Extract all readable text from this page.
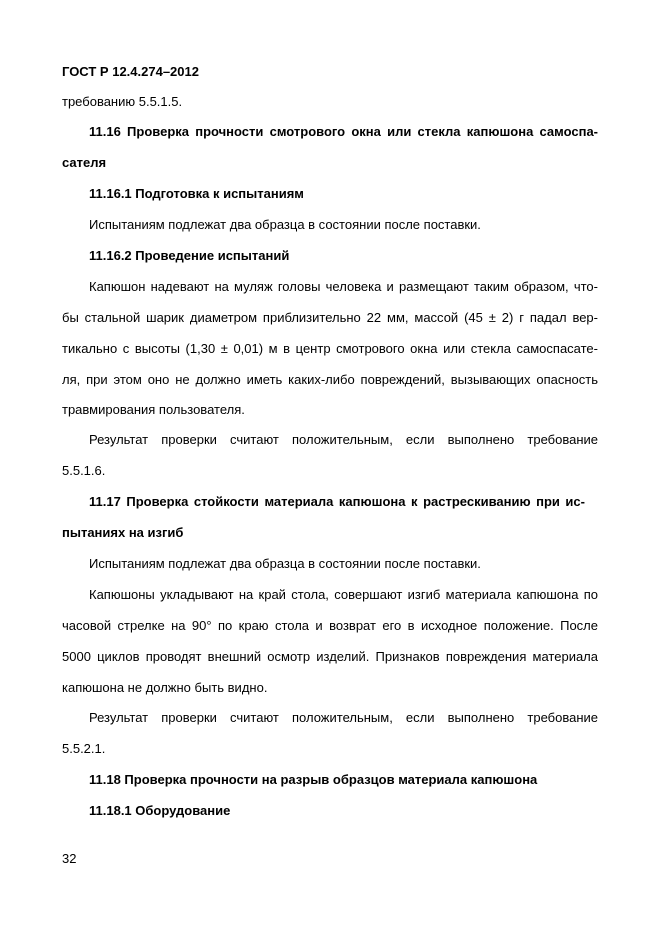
ГОСТ Р 12.4.274–2012
требованию 5.5.1.5.
11.16 Проверка прочности смотрового окна или стекла капюшона самоспа-
сателя
11.16.1 Подготовка к испытаниям
Испытаниям подлежат два образца в состоянии после поставки.
11.16.2 Проведение испытаний
Капюшон надевают на муляж головы человека и размещают таким образом, что-
бы стальной шарик диаметром приблизительно 22 мм, массой (45 ± 2) г падал вер-
тикально с высоты (1,30 ± 0,01) м в центр смотрового окна или стекла самоспасате-
ля, при этом оно не должно иметь каких-либо повреждений, вызывающих опасность
травмирования пользователя.
Результат проверки считают положительным, если выполнено требование
5.5.1.6.
11.17 Проверка стойкости материала капюшона к растрескиванию при ис-
пытаниях на изгиб
Испытаниям подлежат два образца в состоянии после поставки.
Капюшоны укладывают на край стола, совершают изгиб материала капюшона по
часовой стрелке на 90° по краю стола и возврат его в исходное положение. После
5000 циклов проводят внешний осмотр изделий. Признаков повреждения материала
капюшона не должно быть видно.
Результат проверки считают положительным, если выполнено требование
5.5.2.1.
11.18 Проверка прочности на разрыв образцов материала капюшона
11.18.1 Оборудование
32
